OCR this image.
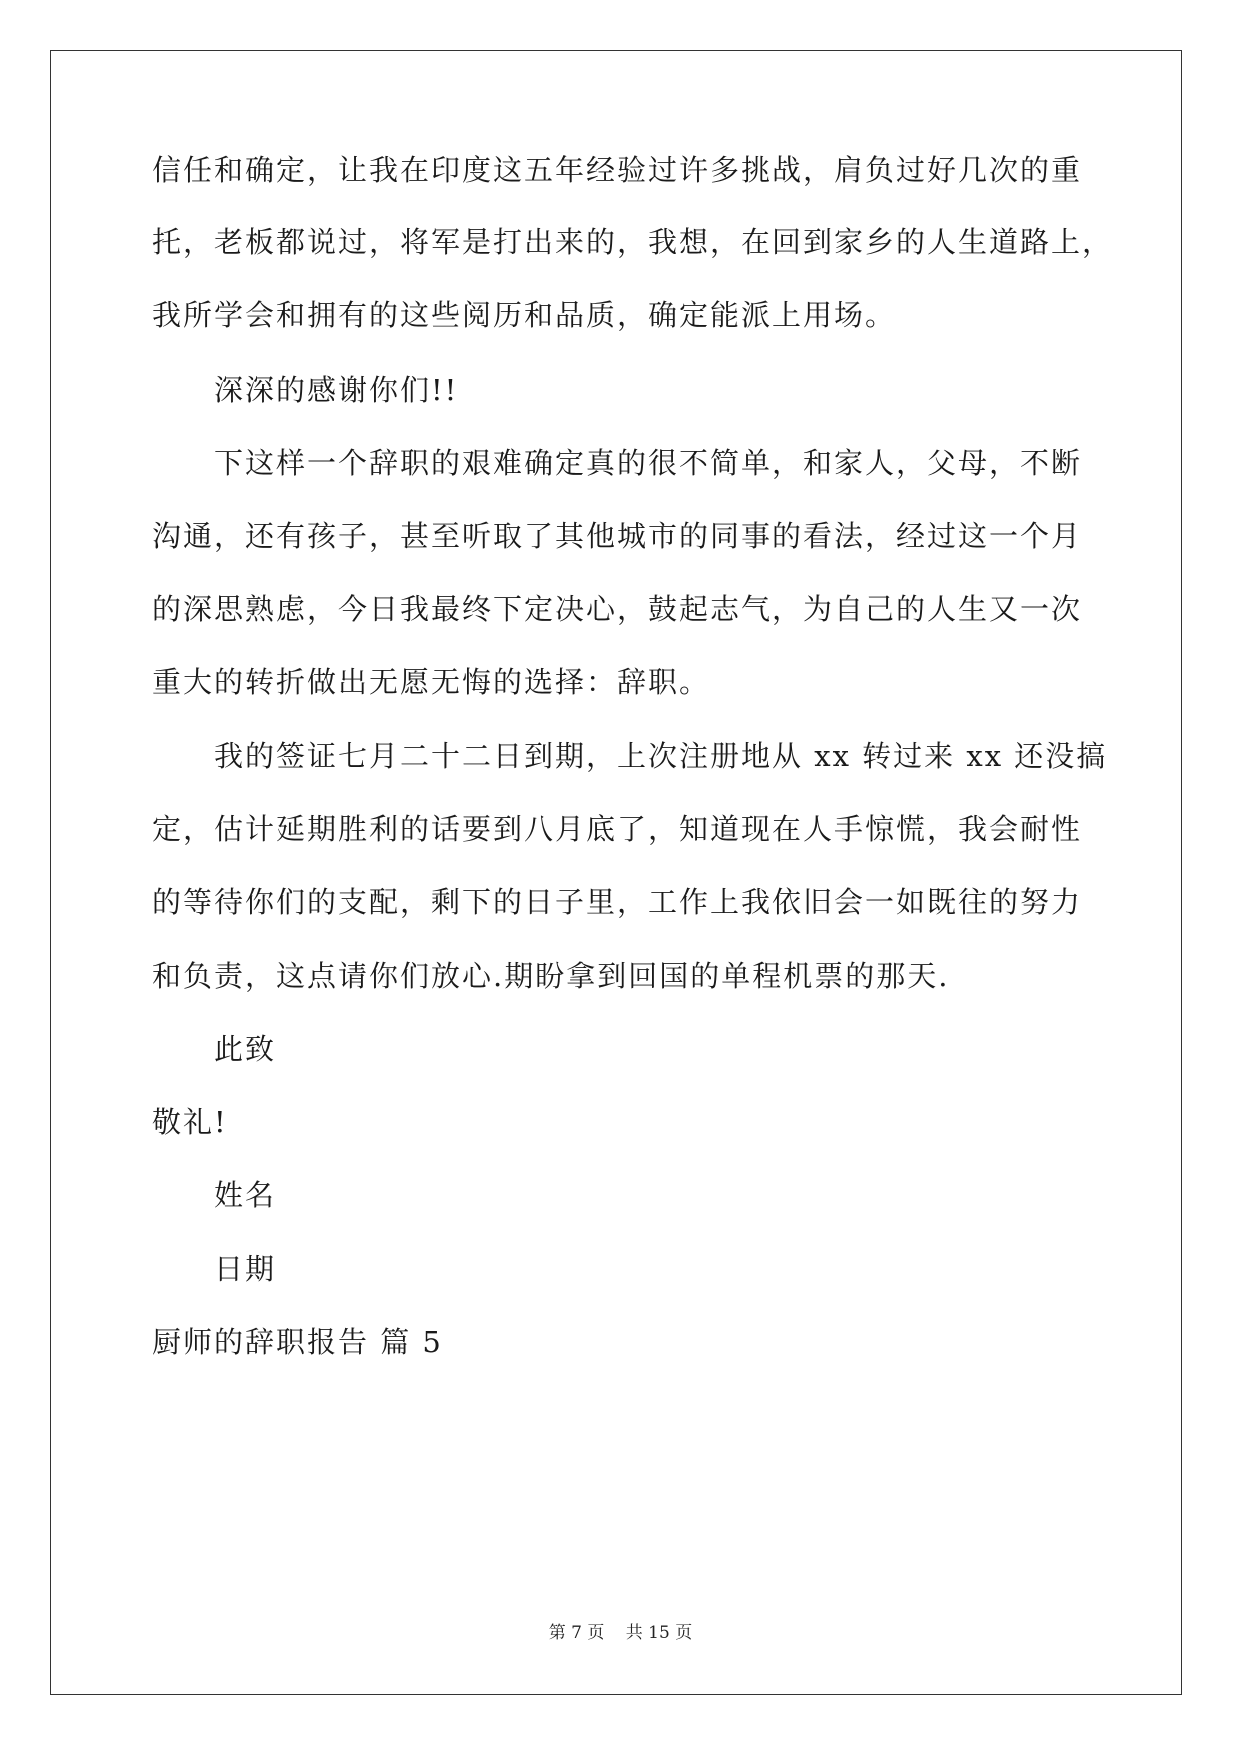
信任和确定，让我在印度这五年经验过许多挑战，肩负过好几次的重
托，老板都说过，将军是打出来的，我想，在回到家乡的人生道路上，
我所学会和拥有的这些阅历和品质，确定能派上用场。
深深的感谢你们!!
下这样一个辞职的艰难确定真的很不简单，和家人，父母，不断
沟通，还有孩子，甚至听取了其他城市的同事的看法，经过这一个月
的深思熟虑，今日我最终下定决心，鼓起志气，为自己的人生又一次
重大的转折做出无愿无悔的选择：辞职。
我的签证七月二十二日到期，上次注册地从 xx 转过来 xx 还没搞
定，估计延期胜利的话要到八月底了，知道现在人手惊慌，我会耐性
的等待你们的支配，剩下的日子里，工作上我依旧会一如既往的努力
和负责，这点请你们放心.期盼拿到回国的单程机票的那天.
此致
敬礼!
姓名
日期
厨师的辞职报告 篇 5
第 7 页 共 15 页
